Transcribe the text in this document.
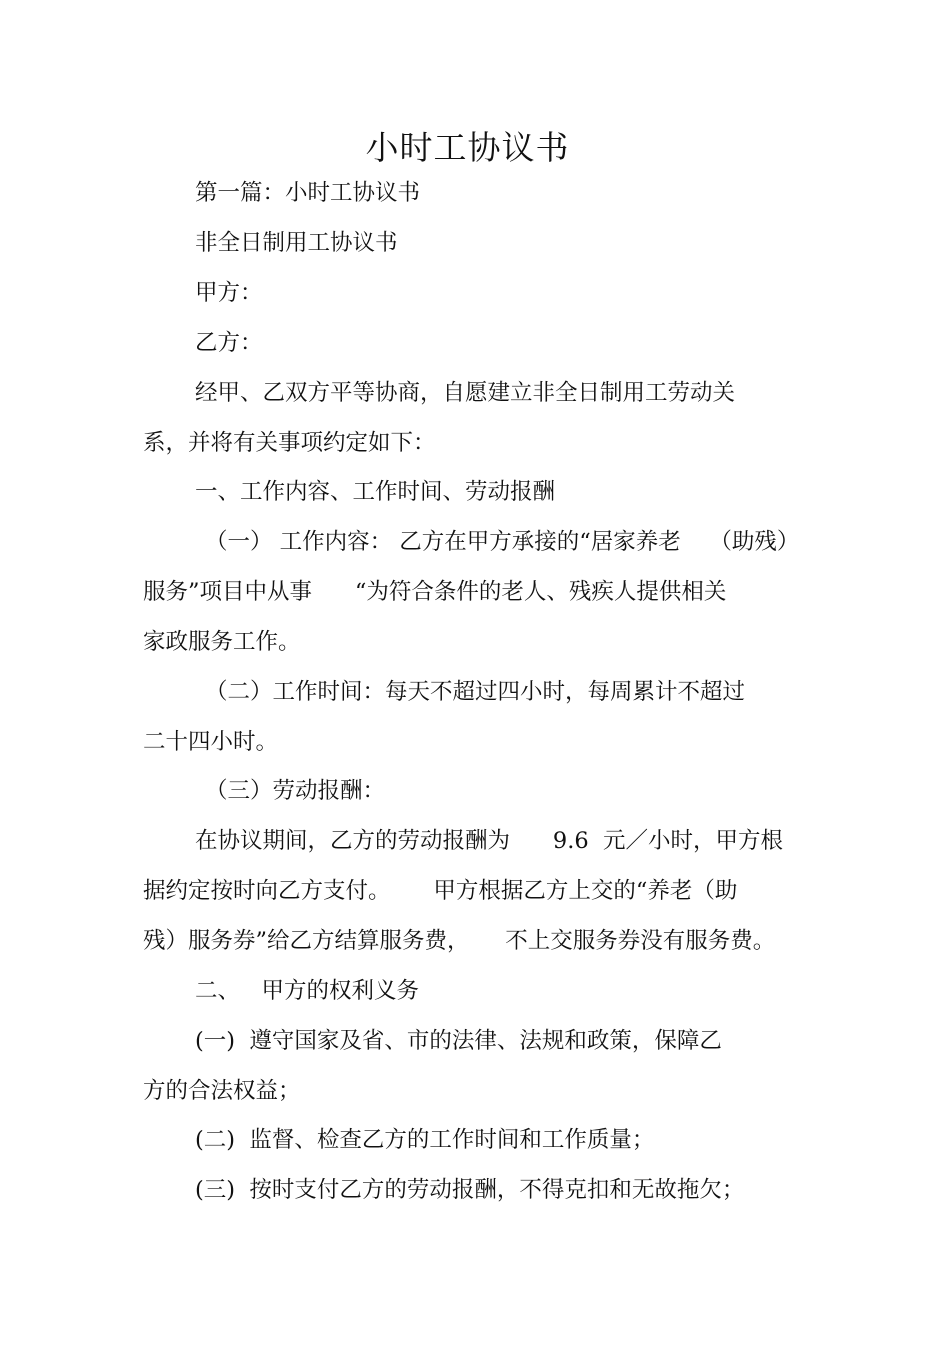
小时工协议书
第一篇：小时工协议书
非全日制用工协议书
甲方：
乙方：
经甲、乙双方平等协商，自愿建立非全日制用工劳动关
系，并将有关事项约定如下：
一、工作内容、工作时间、劳动报酬
（一） 工作内容： 乙方在甲方承接的“居家养老    （助残）
服务”项目中从事      “为符合条件的老人、残疾人提供相关
家政服务工作。
（二）工作时间：每天不超过四小时，每周累计不超过
二十四小时。
（三）劳动报酬：
在协议期间，乙方的劳动报酬为      9.6  元／小时，甲方根
据约定按时向乙方支付。      甲方根据乙方上交的“养老（助
残）服务券”给乙方结算服务费，     不上交服务券没有服务费。
二、   甲方的权利义务
(一)  遵守国家及省、市的法律、法规和政策，保障乙
方的合法权益；
(二)  监督、检查乙方的工作时间和工作质量；
(三)  按时支付乙方的劳动报酬，不得克扣和无故拖欠；
